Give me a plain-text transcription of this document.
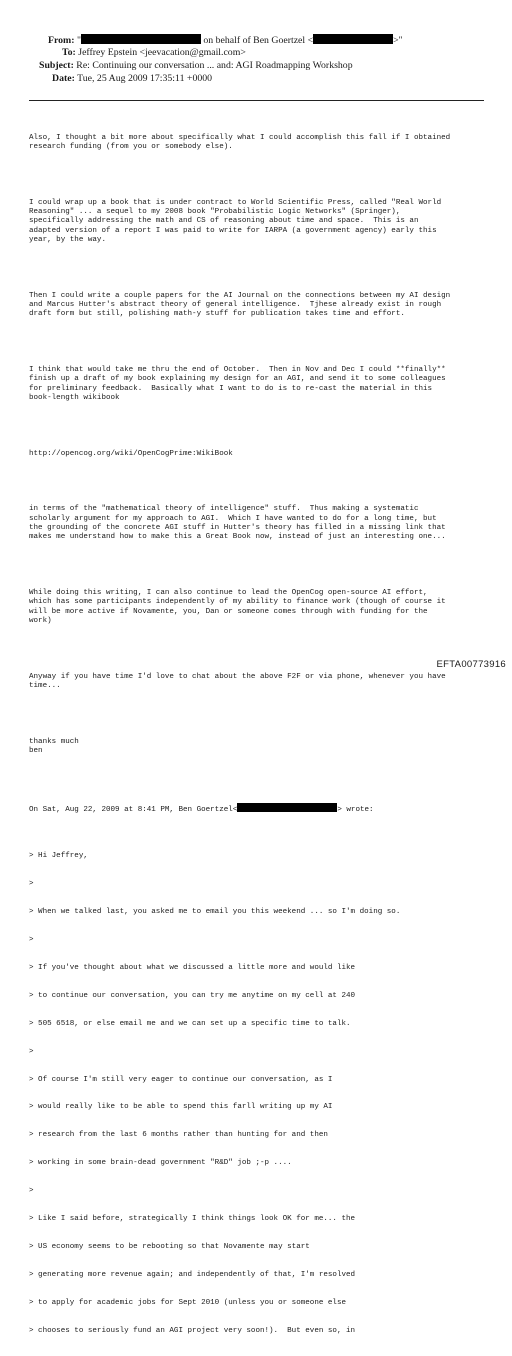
From: "	on behalf of Ben Goertzel <	>"
To: Jeffrey Epstein <jeevacation@gmail.com>
Subject: Re: Continuing our conversation ... and: AGI Roadmapping Workshop
Date: Tue, 25 Aug 2009 17:35:11 +0000

Also, I thought a bit more about specifically what I could accomplish this fall if I obtained
research funding (from you or somebody else).

I could wrap up a book that is under contract to World Scientific Press, called "Real World
Reasoning" ... a sequel to my 2008 book "Probabilistic Logic Networks" (Springer),
specifically addressing the math and CS of reasoning about time and space.  This is an
adapted version of a report I was paid to write for IARPA (a government agency) early this
year, by the way.

Then I could write a couple papers for the AI Journal on the connections between my AI design
and Marcus Hutter's abstract theory of general intelligence.  Tjhese already exist in rough
draft form but still, polishing math-y stuff for publication takes time and effort.

I think that would take me thru the end of October.  Then in Nov and Dec I could **finally**
finish up a draft of my book explaining my design for an AGI, and send it to some colleagues
for preliminary feedback.  Basically what I want to do is to re-cast the material in this
book-length wikibook

http://opencog.org/wiki/OpenCogPrime:WikiBook

in terms of the "mathematical theory of intelligence" stuff.  Thus making a systematic
scholarly argument for my approach to AGI.  Which I have wanted to do for a long time, but
the grounding of the concrete AGI stuff in Hutter's theory has filled in a missing link that
makes me understand how to make this a Great Book now, instead of just an interesting one...

While doing this writing, I can also continue to lead the OpenCog open-source AI effort,
which has some participants independently of my ability to finance work (though of course it
will be more active if Novamente, you, Dan or someone comes through with funding for the
work)

Anyway if you have time I'd love to chat about the above F2F or via phone, whenever you have
time...

thanks much
ben

On Sat, Aug 22, 2009 at 8:41 PM, Ben Goertzel<	> wrote:

> Hi Jeffrey,

>

> When we talked last, you asked me to email you this weekend ... so I'm doing so.

>

> If you've thought about what we discussed a little more and would like

> to continue our conversation, you can try me anytime on my cell at 240

> 505 6518, or else email me and we can set up a specific time to talk.

>

> Of course I'm still very eager to continue our conversation, as I

> would really like to be able to spend this farll writing up my AI

> research from the last 6 months rather than hunting for and then

> working in some brain-dead government "R&D" job ;-p ....

>

> Like I said before, strategically I think things look OK for me... the

> US economy seems to be rebooting so that Novamente may start

> generating more revenue again; and independently of that, I'm resolved

> to apply for academic jobs for Sept 2010 (unless you or someone else

> chooses to seriously fund an AGI project very soon!).  But even so, in

EFTA00773916
